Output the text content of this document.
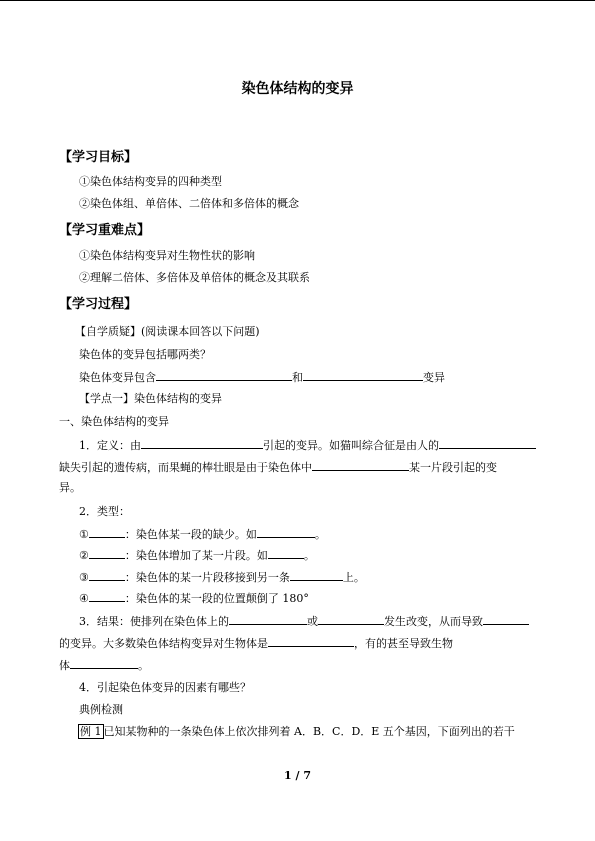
染色体结构的变异
【学习目标】
①染色体结构变异的四种类型
②染色体组、单倍体、二倍体和多倍体的概念
【学习重难点】
①染色体结构变异对生物性状的影响
②理解二倍体、多倍体及单倍体的概念及其联系
【学习过程】
【自学质疑】(阅读课本回答以下问题)
染色体的变异包括哪两类？
染色体变异包含	和	变异
【学点一】染色体结构的变异
一、染色体结构的变异
1．定义：由	引起的变异。如猫叫综合征是由人的
缺失引起的遗传病，而果蝇的棒壮眼是由于染色体中	某一片段引起的变
异。
2．类型：
①	：染色体某一段的缺少。如	。
②	：染色体增加了某一片段。如	。
③	：染色体的某一片段移接到另一条	上。
④	：染色体的某一段的位置颠倒了 180°
3．结果：使排列在染色体上的	或	发生改变，从而导致
的变异。大多数染色体结构变异对生物体是	，有的甚至导致生物
体	。
4．引起染色体变异的因素有哪些？
典例检测
例 1 已知某物种的一条染色体上依次排列着 A．B．C．D．E 五个基因，下面列出的若干
1 / 7
